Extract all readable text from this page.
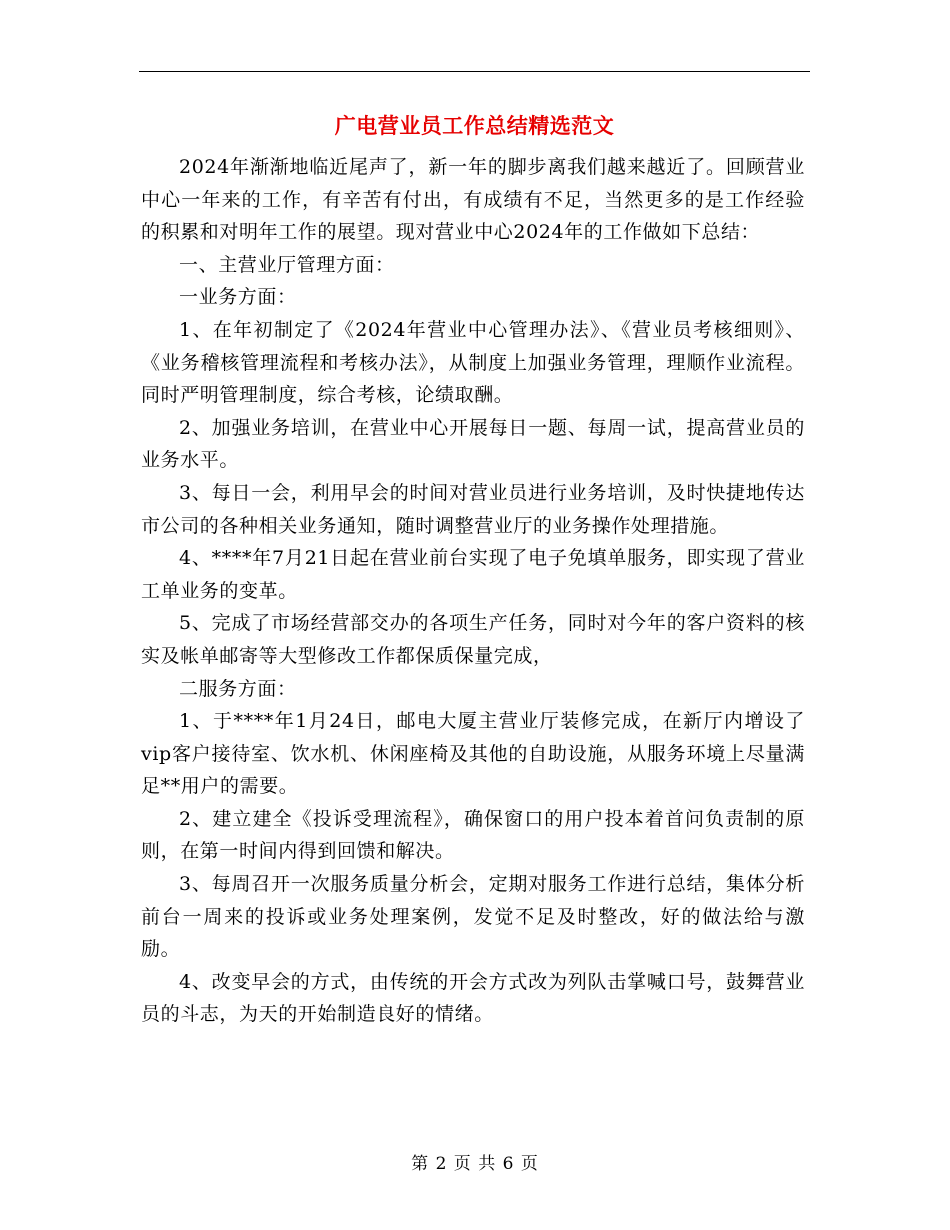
广电营业员工作总结精选范文

2024年渐渐地临近尾声了，新一年的脚步离我们越来越近了。回顾营业中心一年来的工作，有辛苦有付出，有成绩有不足，当然更多的是工作经验的积累和对明年工作的展望。现对营业中心2024年的工作做如下总结：

一、主营业厅管理方面：

一业务方面：

1、在年初制定了《2024年营业中心管理办法》、《营业员考核细则》、《业务稽核管理流程和考核办法》，从制度上加强业务管理，理顺作业流程。同时严明管理制度，综合考核，论绩取酬。

2、加强业务培训，在营业中心开展每日一题、每周一试，提高营业员的业务水平。

3、每日一会，利用早会的时间对营业员进行业务培训，及时快捷地传达市公司的各种相关业务通知，随时调整营业厅的业务操作处理措施。

4、****年7月21日起在营业前台实现了电子免填单服务，即实现了营业工单业务的变革。

5、完成了市场经营部交办的各项生产任务，同时对今年的客户资料的核实及帐单邮寄等大型修改工作都保质保量完成，

二服务方面：

1、于****年1月24日，邮电大厦主营业厅装修完成，在新厅内增设了vip客户接待室、饮水机、休闲座椅及其他的自助设施，从服务环境上尽量满足**用户的需要。

2、建立建全《投诉受理流程》，确保窗口的用户投本着首问负责制的原则，在第一时间内得到回馈和解决。

3、每周召开一次服务质量分析会，定期对服务工作进行总结，集体分析前台一周来的投诉或业务处理案例，发觉不足及时整改，好的做法给与激励。

4、改变早会的方式，由传统的开会方式改为列队击掌喊口号，鼓舞营业员的斗志，为天的开始制造良好的情绪。

第 2 页 共 6 页
